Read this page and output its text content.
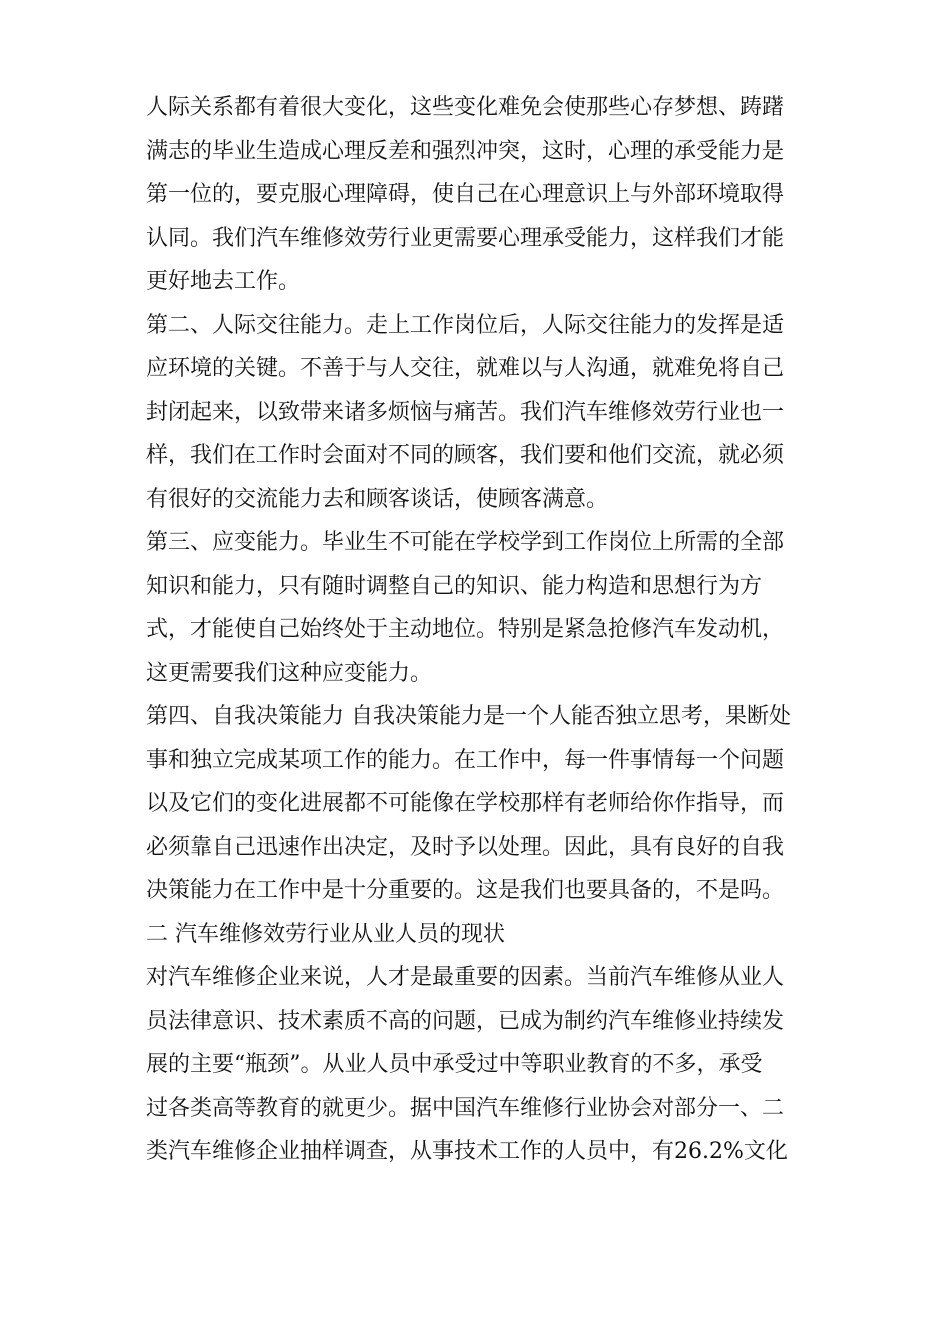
人际关系都有着很大变化，这些变化难免会使那些心存梦想、踌躇
满志的毕业生造成心理反差和强烈冲突，这时，心理的承受能力是
第一位的，要克服心理障碍，使自己在心理意识上与外部环境取得
认同。我们汽车维修效劳行业更需要心理承受能力，这样我们才能
更好地去工作。
第二、人际交往能力。走上工作岗位后，人际交往能力的发挥是适
应环境的关键。不善于与人交往，就难以与人沟通，就难免将自己
封闭起来，以致带来诸多烦恼与痛苦。我们汽车维修效劳行业也一
样，我们在工作时会面对不同的顾客，我们要和他们交流，就必须
有很好的交流能力去和顾客谈话，使顾客满意。
第三、应变能力。毕业生不可能在学校学到工作岗位上所需的全部
知识和能力，只有随时调整自己的知识、能力构造和思想行为方
式，才能使自己始终处于主动地位。特别是紧急抢修汽车发动机，
这更需要我们这种应变能力。
第四、自我决策能力 自我决策能力是一个人能否独立思考，果断处
事和独立完成某项工作的能力。在工作中，每一件事情每一个问题
以及它们的变化进展都不可能像在学校那样有老师给你作指导，而
必须靠自己迅速作出决定，及时予以处理。因此，具有良好的自我
决策能力在工作中是十分重要的。这是我们也要具备的，不是吗。
二 汽车维修效劳行业从业人员的现状
对汽车维修企业来说，人才是最重要的因素。当前汽车维修从业人
员法律意识、技术素质不高的问题，已成为制约汽车维修业持续发
展的主要“瓶颈”。从业人员中承受过中等职业教育的不多，承受
过各类高等教育的就更少。据中国汽车维修行业协会对部分一、二
类汽车维修企业抽样调查，从事技术工作的人员中，有26.2%文化
